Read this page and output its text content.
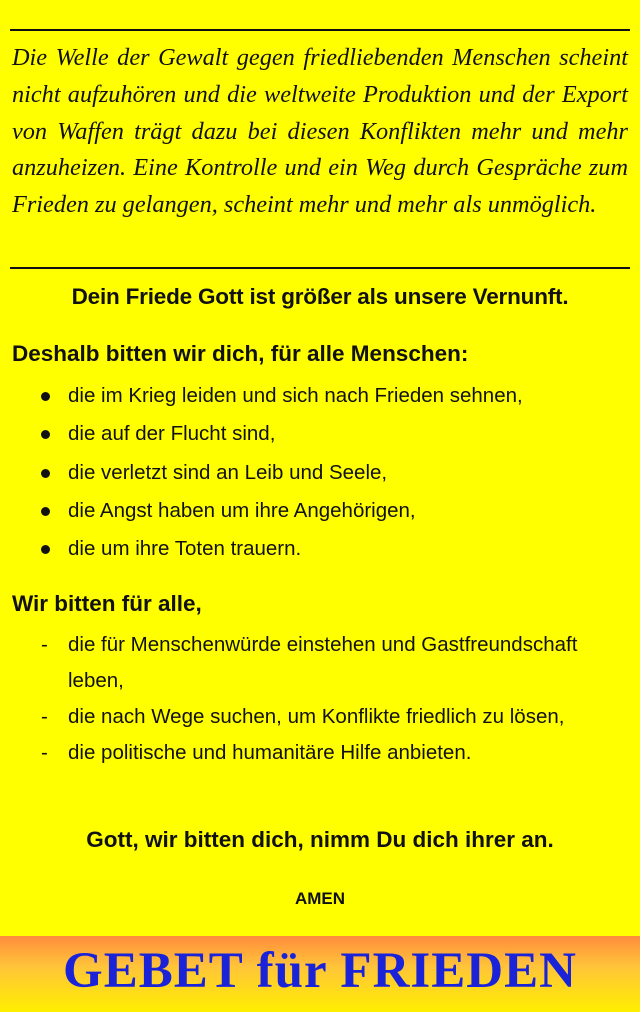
Die Welle der Gewalt gegen friedliebenden Menschen scheint nicht aufzuhören und die weltweite Produktion und der Export von Waffen trägt dazu bei diesen Konflikten mehr und mehr anzuheizen. Eine Kontrolle und ein Weg durch Gespräche zum Frieden zu gelangen, scheint mehr und mehr als unmöglich.

Dein Friede Gott ist größer als unsere Vernunft.
Deshalb bitten wir dich, für alle Menschen:
die im Krieg leiden und sich nach Frieden sehnen,
die auf der Flucht sind,
die verletzt sind an Leib und Seele,
die Angst haben um ihre Angehörigen,
die um ihre Toten trauern.
Wir bitten für alle,
- die für Menschenwürde einstehen und Gastfreundschaft leben,
- die nach Wege suchen, um Konflikte friedlich zu lösen,
- die politische und humanitäre Hilfe anbieten.
Gott, wir bitten dich, nimm Du dich ihrer an.

AMEN

GEBET für FRIEDEN
